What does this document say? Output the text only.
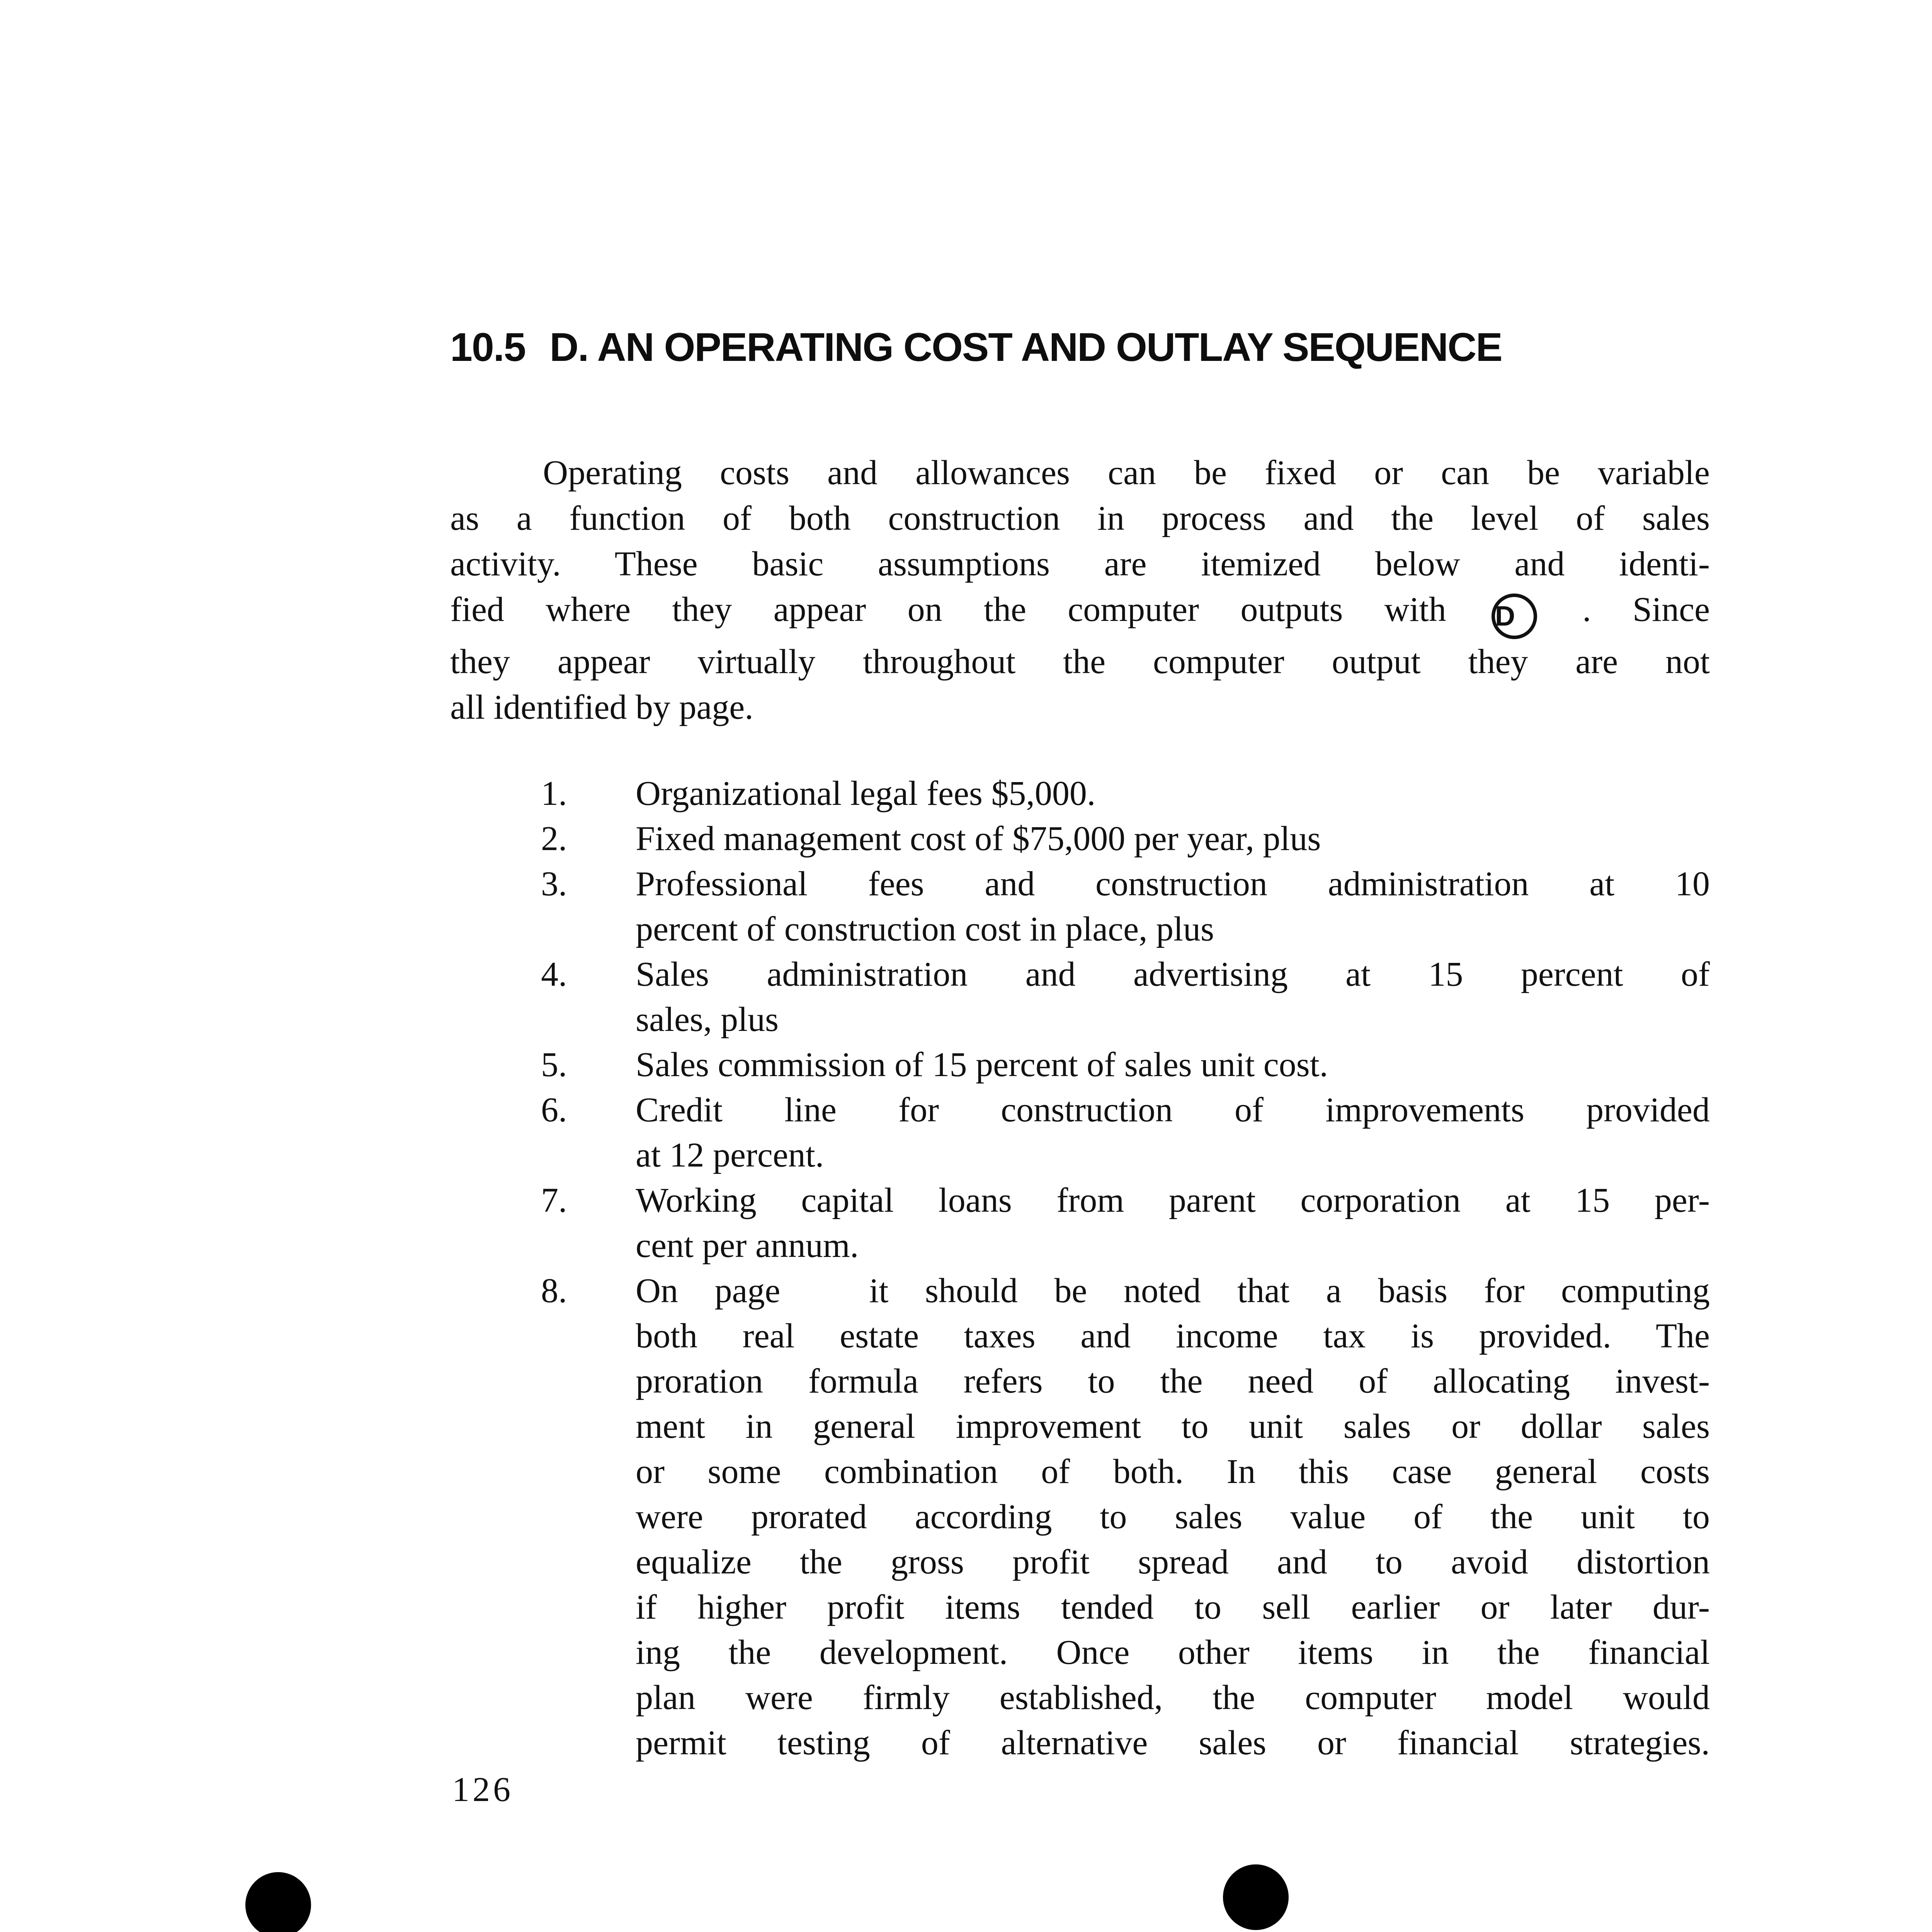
10.5 D. AN OPERATING COST AND OUTLAY SEQUENCE
Operating costs and allowances can be fixed or can be variable
as a function of both construction in process and the level of sales
activity. These basic assumptions are itemized below and identi-
fied where they appear on the computer outputs with D . Since
they appear virtually throughout the computer output they are not
all identified by page.
1.	Organizational legal fees $5,000.
2.	Fixed management cost of $75,000 per year, plus
3.	Professional fees and construction administration at 10
percent of construction cost in place, plus
4.	Sales administration and advertising at 15 percent of
sales, plus
5.	Sales commission of 15 percent of sales unit cost.
6.	Credit line for construction of improvements provided
at 12 percent.
7.	Working capital loans from parent corporation at 15 per-
cent per annum.
8.	On page	it should be noted that a basis for computing
both real estate taxes and income tax is provided. The
proration formula refers to the need of allocating invest-
ment in general improvement to unit sales or dollar sales
or some combination of both. In this case general costs
were prorated according to sales value of the unit to
equalize the gross profit spread and to avoid distortion
if higher profit items tended to sell earlier or later dur-
ing the development. Once other items in the financial
plan were firmly established, the computer model would
permit testing of alternative sales or financial strategies.
126
